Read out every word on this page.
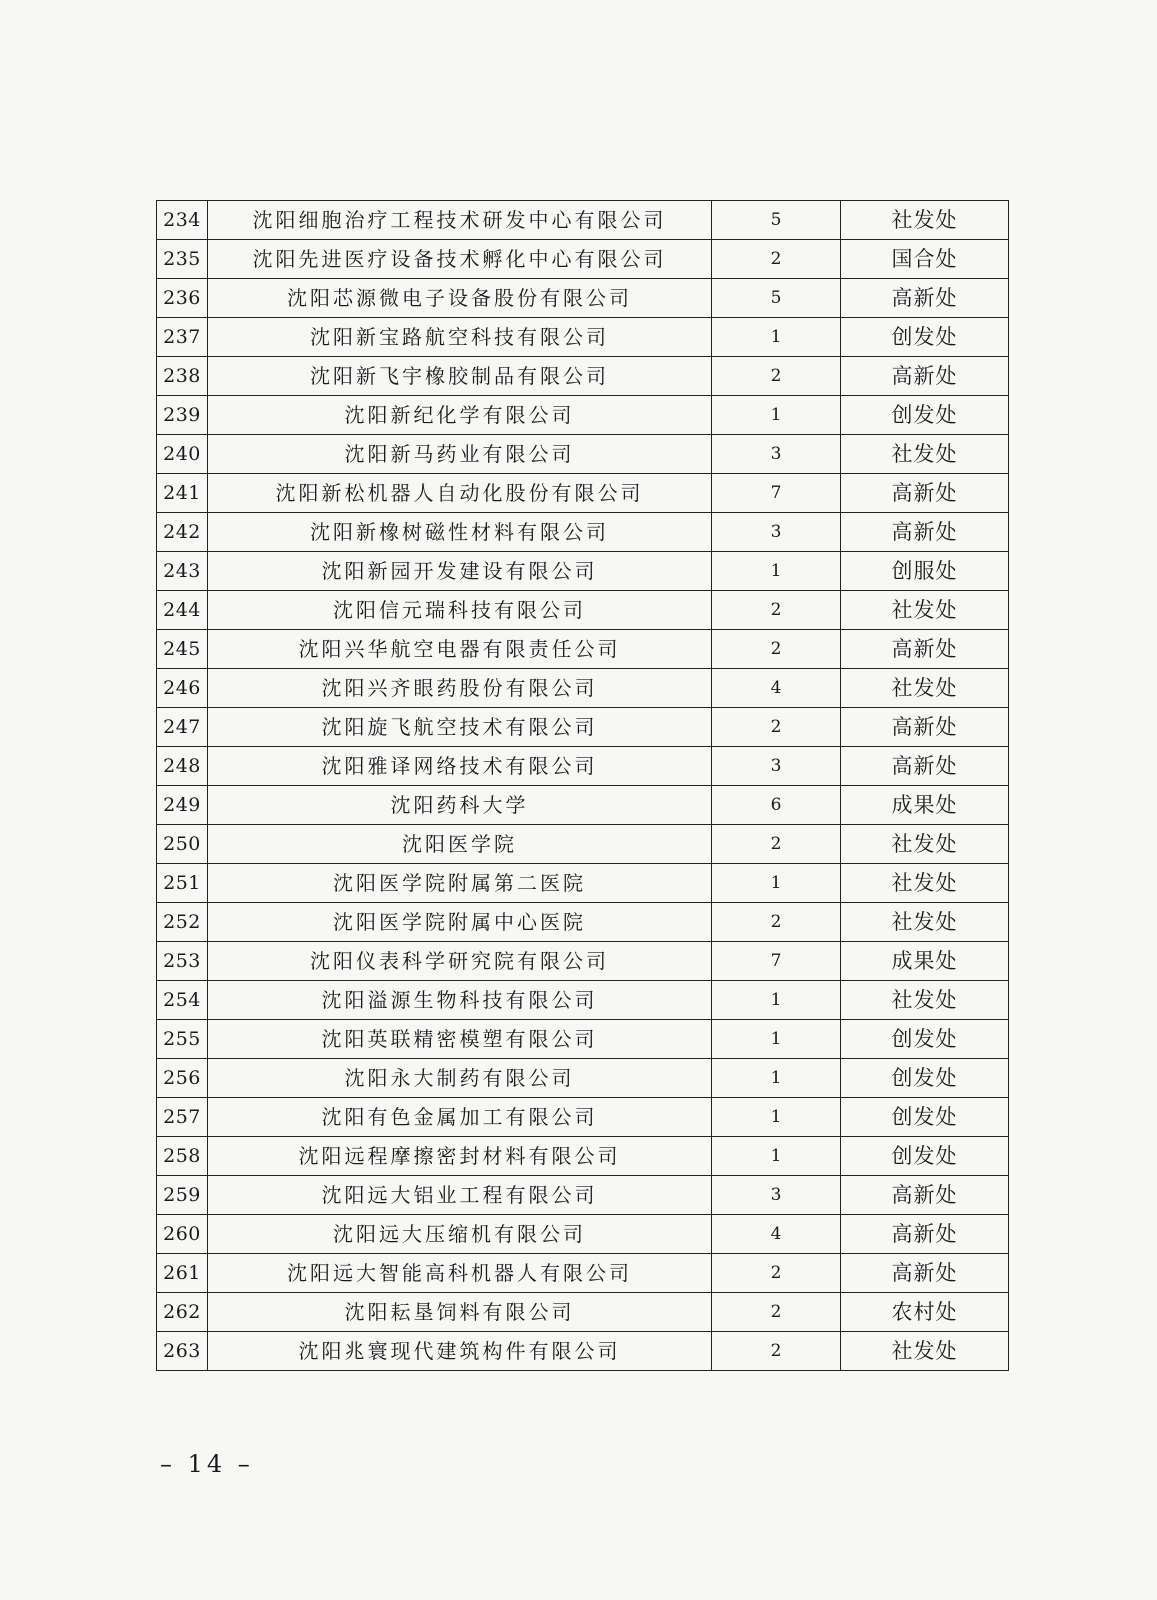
234	沈阳细胞治疗工程技术研发中心有限公司	5	社发处
235	沈阳先进医疗设备技术孵化中心有限公司	2	国合处
236	沈阳芯源微电子设备股份有限公司	5	高新处
237	沈阳新宝路航空科技有限公司	1	创发处
238	沈阳新飞宇橡胶制品有限公司	2	高新处
239	沈阳新纪化学有限公司	1	创发处
240	沈阳新马药业有限公司	3	社发处
241	沈阳新松机器人自动化股份有限公司	7	高新处
242	沈阳新橡树磁性材料有限公司	3	高新处
243	沈阳新园开发建设有限公司	1	创服处
244	沈阳信元瑞科技有限公司	2	社发处
245	沈阳兴华航空电器有限责任公司	2	高新处
246	沈阳兴齐眼药股份有限公司	4	社发处
247	沈阳旋飞航空技术有限公司	2	高新处
248	沈阳雅译网络技术有限公司	3	高新处
249	沈阳药科大学	6	成果处
250	沈阳医学院	2	社发处
251	沈阳医学院附属第二医院	1	社发处
252	沈阳医学院附属中心医院	2	社发处
253	沈阳仪表科学研究院有限公司	7	成果处
254	沈阳溢源生物科技有限公司	1	社发处
255	沈阳英联精密模塑有限公司	1	创发处
256	沈阳永大制药有限公司	1	创发处
257	沈阳有色金属加工有限公司	1	创发处
258	沈阳远程摩擦密封材料有限公司	1	创发处
259	沈阳远大铝业工程有限公司	3	高新处
260	沈阳远大压缩机有限公司	4	高新处
261	沈阳远大智能高科机器人有限公司	2	高新处
262	沈阳耘垦饲料有限公司	2	农村处
263	沈阳兆寰现代建筑构件有限公司	2	社发处
– 14 –
